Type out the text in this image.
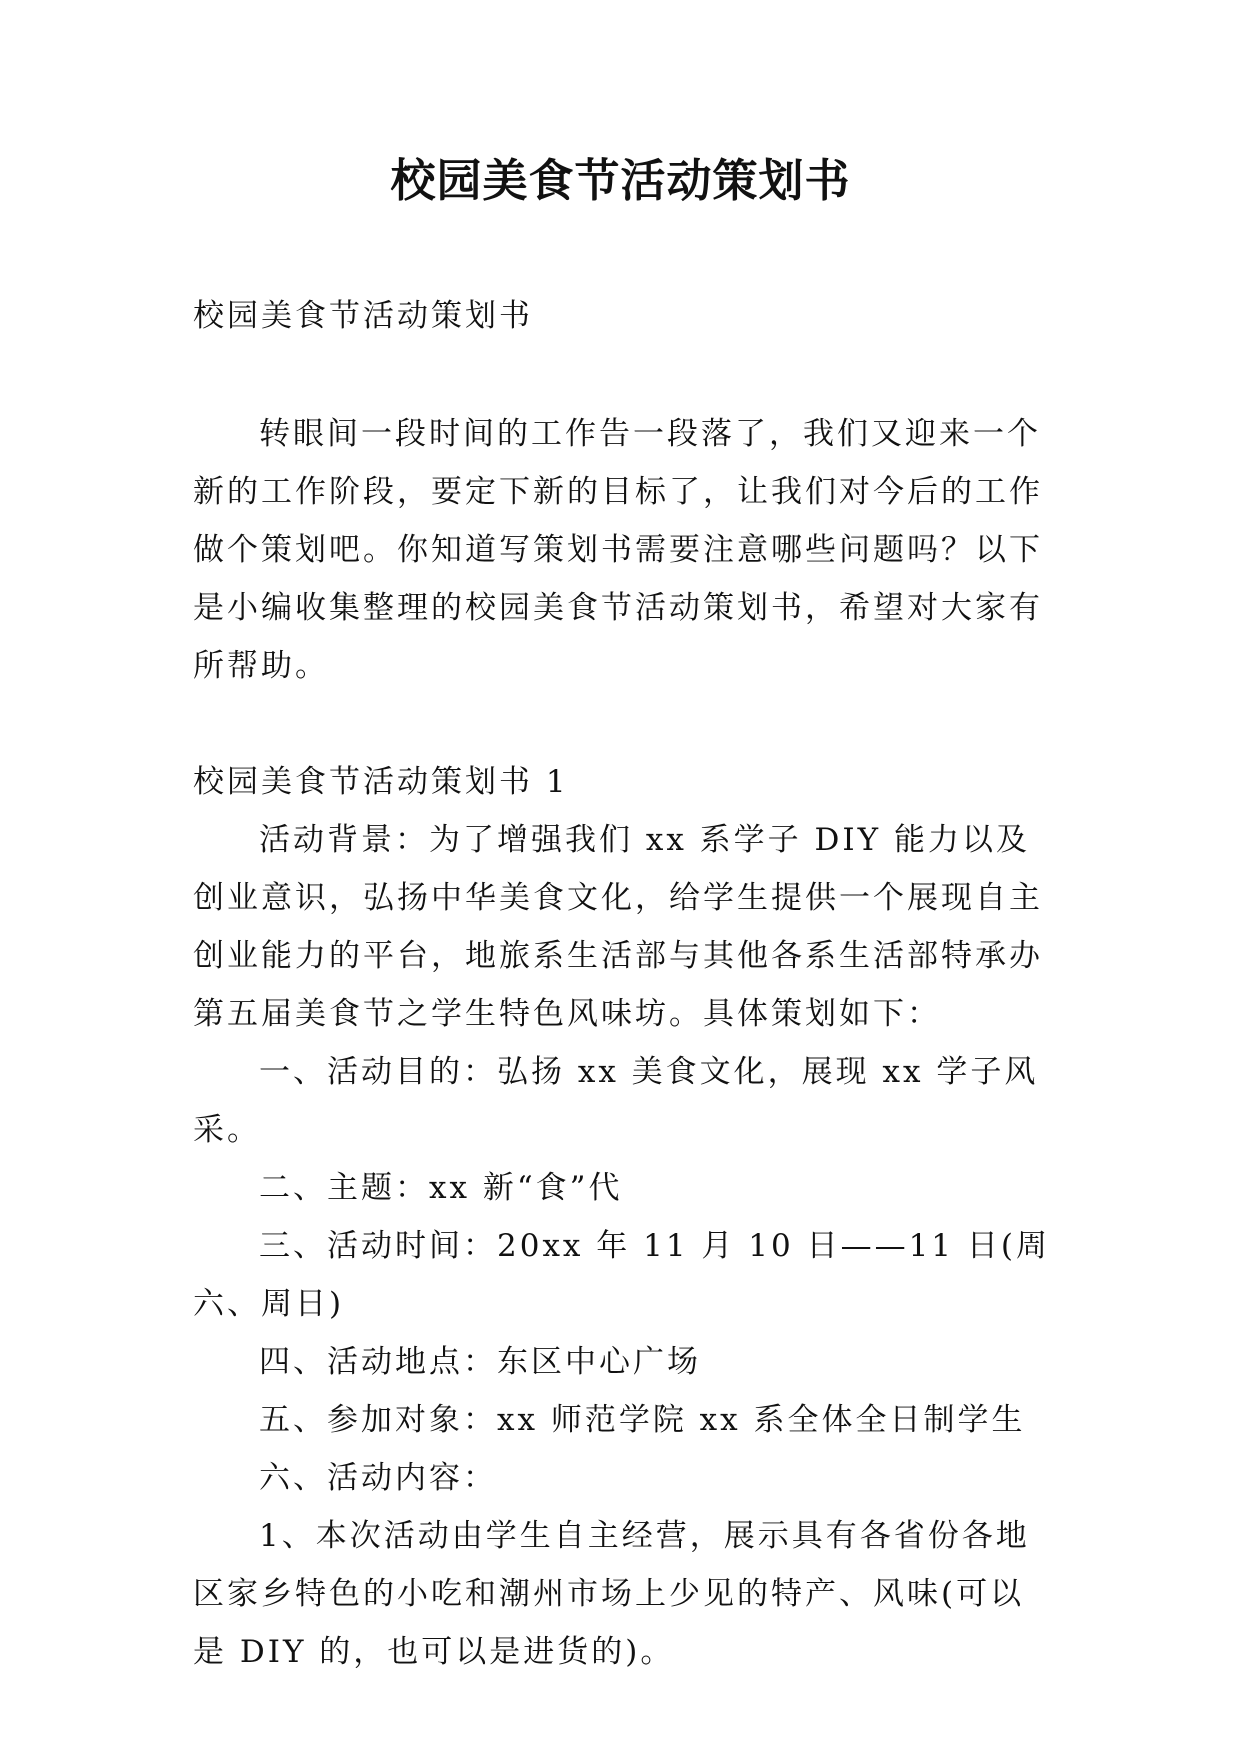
校园美食节活动策划书

校园美食节活动策划书

转眼间一段时间的工作告一段落了，我们又迎来一个新的工作阶段，要定下新的目标了，让我们对今后的工作做个策划吧。你知道写策划书需要注意哪些问题吗？以下是小编收集整理的校园美食节活动策划书，希望对大家有所帮助。

校园美食节活动策划书 1

活动背景：为了增强我们 xx 系学子 DIY 能力以及创业意识，弘扬中华美食文化，给学生提供一个展现自主创业能力的平台，地旅系生活部与其他各系生活部特承办第五届美食节之学生特色风味坊。具体策划如下：

一、活动目的：弘扬 xx 美食文化，展现 xx 学子风采。

二、主题：xx 新“食”代

三、活动时间：20xx 年 11 月 10 日——11 日(周六、周日)

四、活动地点：东区中心广场

五、参加对象：xx 师范学院 xx 系全体全日制学生

六、活动内容：

1、本次活动由学生自主经营，展示具有各省份各地区家乡特色的小吃和潮州市场上少见的特产、风味(可以是 DIY 的，也可以是进货的)。
